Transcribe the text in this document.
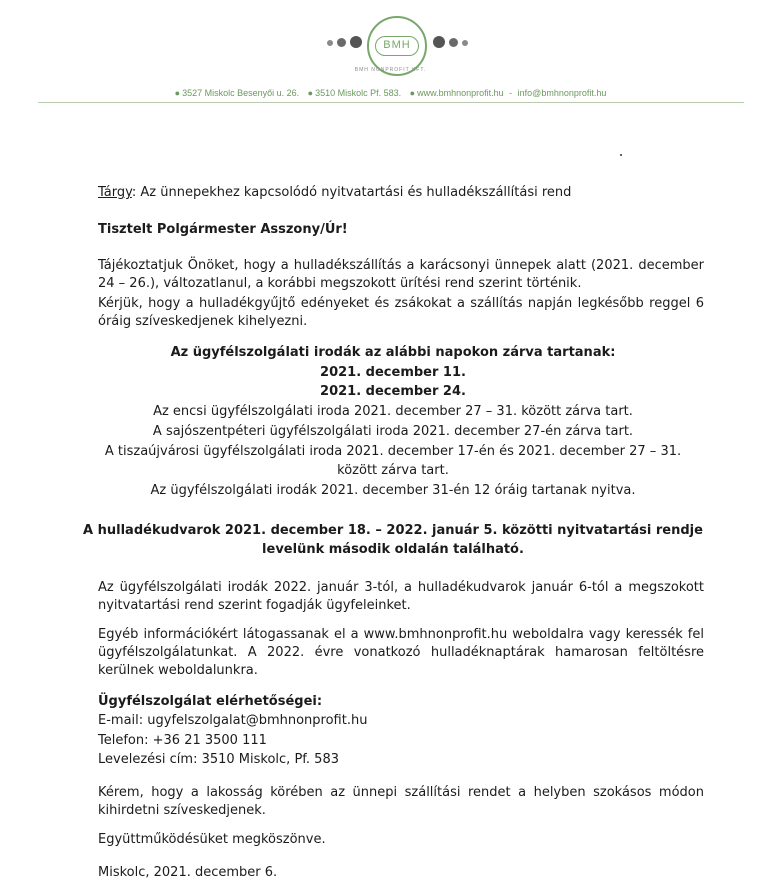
BMH
BMH NONPROFIT KFT.
● 3527 Miskolc Besenyői u. 26. ● 3510 Miskolc Pf. 583. ● www.bmhnonprofit.hu - info@bmhnonprofit.hu
Tárgy: Az ünnepekhez kapcsolódó nyitvatartási és hulladékszállítási rend
Tisztelt Polgármester Asszony/Úr!
Tájékoztatjuk Önöket, hogy a hulladékszállítás a karácsonyi ünnepek alatt (2021. december 24 – 26.), változatlanul, a korábbi megszokott ürítési rend szerint történik.
Kérjük, hogy a hulladékgyűjtő edényeket és zsákokat a szállítás napján legkésőbb reggel 6 óráig szíveskedjenek kihelyezni.
Az ügyfélszolgálati irodák az alábbi napokon zárva tartanak:
2021. december 11.
2021. december 24.
Az encsi ügyfélszolgálati iroda 2021. december 27 – 31. között zárva tart.
A sajószentpéteri ügyfélszolgálati iroda 2021. december 27-én zárva tart.
A tiszaújvárosi ügyfélszolgálati iroda 2021. december 17-én és 2021. december 27 – 31.
között zárva tart.
Az ügyfélszolgálati irodák 2021. december 31-én 12 óráig tartanak nyitva.
A hulladékudvarok 2021. december 18. – 2022. január 5. közötti nyitvatartási rendje
levelünk második oldalán található.
Az ügyfélszolgálati irodák 2022. január 3-tól, a hulladékudvarok január 6-tól a megszokott nyitvatartási rend szerint fogadják ügyfeleinket.
Egyéb információkért látogassanak el a www.bmhnonprofit.hu weboldalra vagy keressék fel ügyfélszolgálatunkat. A 2022. évre vonatkozó hulladéknaptárak hamarosan feltöltésre kerülnek weboldalunkra.
Ügyfélszolgálat elérhetőségei:
E-mail: ugyfelszolgalat@bmhnonprofit.hu
Telefon: +36 21 3500 111
Levelezési cím: 3510 Miskolc, Pf. 583
Kérem, hogy a lakosság körében az ünnepi szállítási rendet a helyben szokásos módon kihirdetni szíveskedjenek.
Együttműködésüket megköszönve.
Miskolc, 2021. december 6.
